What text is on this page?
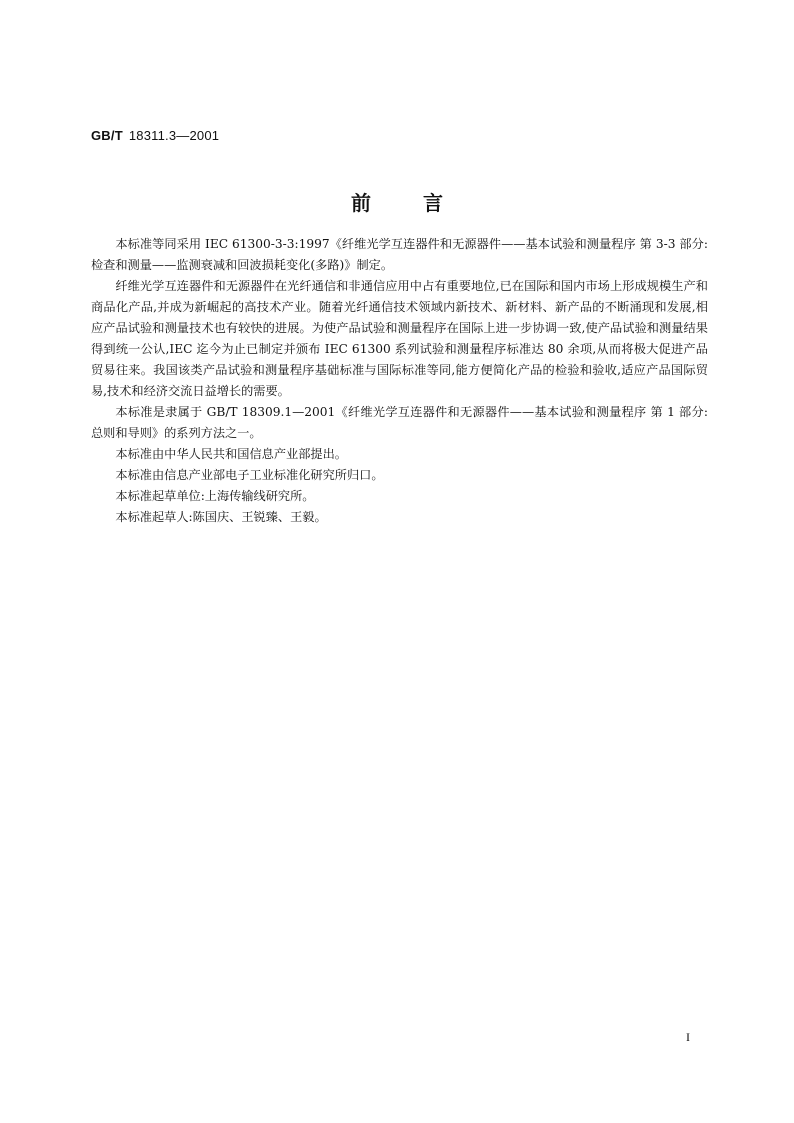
GB/T 18311.3—2001
前言

本标准等同采用 IEC 61300-3-3:1997《纤维光学互连器件和无源器件——基本试验和测量程序 第 3-3 部分:检查和测量——监测衰减和回波损耗变化(多路)》制定。

纤维光学互连器件和无源器件在光纤通信和非通信应用中占有重要地位,已在国际和国内市场上形成规模生产和商品化产品,并成为新崛起的高技术产业。随着光纤通信技术领域内新技术、新材料、新产品的不断涌现和发展,相应产品试验和测量技术也有较快的进展。为使产品试验和测量程序在国际上进一步协调一致,使产品试验和测量结果得到统一公认,IEC 迄今为止已制定并颁布 IEC 61300 系列试验和测量程序标准达 80 余项,从而将极大促进产品贸易往来。我国该类产品试验和测量程序基础标准与国际标准等同,能方便简化产品的检验和验收,适应产品国际贸易,技术和经济交流日益增长的需要。

本标准是隶属于 GB/T 18309.1—2001《纤维光学互连器件和无源器件——基本试验和测量程序 第 1 部分:总则和导则》的系列方法之一。

本标准由中华人民共和国信息产业部提出。

本标准由信息产业部电子工业标准化研究所归口。

本标准起草单位:上海传输线研究所。

本标准起草人:陈国庆、王锐臻、王毅。

I
